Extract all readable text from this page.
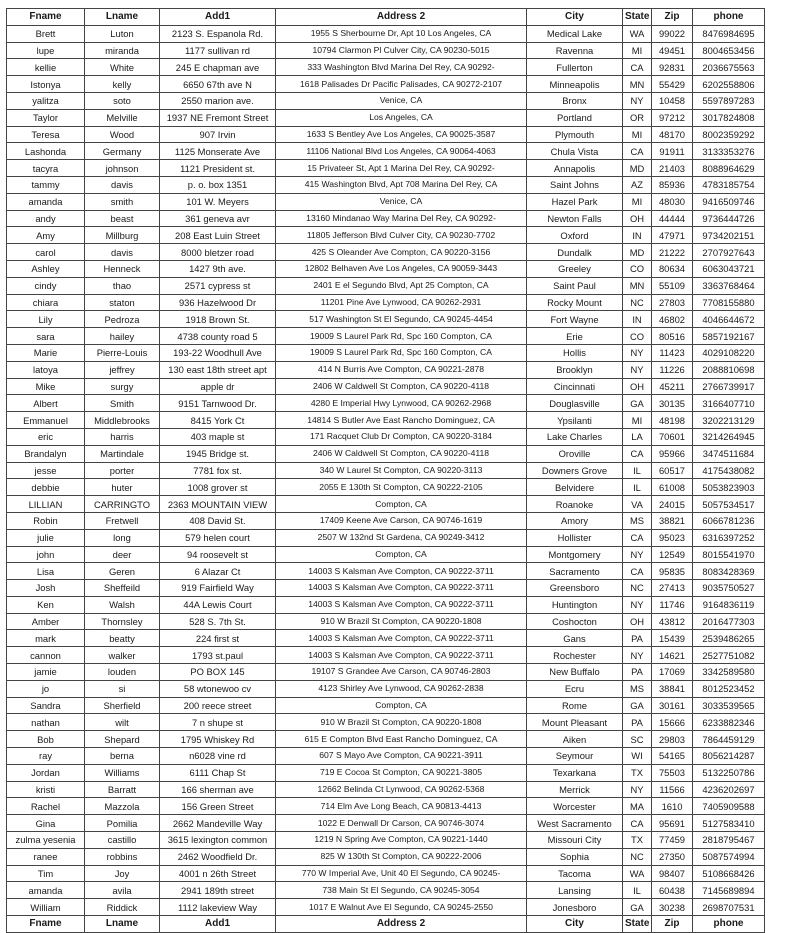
Fname	Lname	Add1	Address 2	City	State	Zip	phone
Brett	Luton	2123 S. Espanola Rd.	1955 S Sherbourne Dr, Apt 10 Los Angeles, CA	Medical Lake	WA	99022	8476984695
lupe	miranda	1177 sullivan rd	10794 Clarmon Pl Culver City, CA 90230-5015	Ravenna	MI	49451	8004653456
kellie	White	245 E chapman ave	333 Washington Blvd Marina Del Rey, CA 90292-	Fullerton	CA	92831	2036675563
Istonya	kelly	6650 67th ave N	1618 Palisades Dr Pacific Palisades, CA 90272-2107	Minneapolis	MN	55429	6202558806
yalitza	soto	2550 marion ave.	Venice, CA	Bronx	NY	10458	5597897283
Taylor	Melville	1937 NE Fremont Street	Los Angeles, CA	Portland	OR	97212	3017824808
Teresa	Wood	907 Irvin	1633 S Bentley Ave Los Angeles, CA 90025-3587	Plymouth	MI	48170	8002359292
Lashonda	Germany	1125 Monserate Ave	11106 National Blvd Los Angeles, CA 90064-4063	Chula Vista	CA	91911	3133353276
tacyra	johnson	1121 President st.	15 Privateer St, Apt 1 Marina Del Rey, CA 90292-	Annapolis	MD	21403	8088964629
tammy	davis	p. o. box 1351	415 Washington Blvd, Apt 708 Marina Del Rey, CA	Saint Johns	AZ	85936	4783185754
amanda	smith	101 W. Meyers	Venice, CA	Hazel Park	MI	48030	9416509746
andy	beast	361 geneva avr	13160 Mindanao Way Marina Del Rey, CA 90292-	Newton Falls	OH	44444	9736444726
Amy	Millburg	208 East Luin Street	11805 Jefferson Blvd Culver City, CA 90230-7702	Oxford	IN	47971	9734202151
carol	davis	8000 bletzer road	425 S Oleander Ave Compton, CA 90220-3156	Dundalk	MD	21222	2707927643
Ashley	Henneck	1427 9th ave.	12802 Belhaven Ave Los Angeles, CA 90059-3443	Greeley	CO	80634	6063043721
cindy	thao	2571 cypress st	2401 E el Segundo Blvd, Apt 25 Compton, CA	Saint Paul	MN	55109	3363768464
chiara	staton	936 Hazelwood Dr	11201 Pine Ave Lynwood, CA 90262-2931	Rocky Mount	NC	27803	7708155880
Lily	Pedroza	1918 Brown St.	517 Washington St El Segundo, CA 90245-4454	Fort Wayne	IN	46802	4046644672
sara	hailey	4738 county road 5	19009 S Laurel Park Rd, Spc 160 Compton, CA	Erie	CO	80516	5857192167
Marie	Pierre-Louis	193-22 Woodhull Ave	19009 S Laurel Park Rd, Spc 160 Compton, CA	Hollis	NY	11423	4029108220
latoya	jeffrey	130 east 18th street apt	414 N Burris Ave Compton, CA 90221-2878	Brooklyn	NY	11226	2088810698
Mike	surgy	apple dr	2406 W Caldwell St Compton, CA 90220-4118	Cincinnati	OH	45211	2766739917
Albert	Smith	9151 Tarnwood Dr.	4280 E Imperial Hwy Lynwood, CA 90262-2968	Douglasville	GA	30135	3166407710
Emmanuel	Middlebrooks	8415 York Ct	14814 S Butler Ave East Rancho Dominguez, CA	Ypsilanti	MI	48198	3202213129
eric	harris	403 maple st	171 Racquet Club Dr Compton, CA 90220-3184	Lake Charles	LA	70601	3214264945
Brandalyn	Martindale	1945 Bridge st.	2406 W Caldwell St Compton, CA 90220-4118	Oroville	CA	95966	3474511684
jesse	porter	7781 fox st.	340 W Laurel St Compton, CA 90220-3113	Downers Grove	IL	60517	4175438082
debbie	huter	1008 grover st	2055 E 130th St Compton, CA 90222-2105	Belvidere	IL	61008	5053823903
LILLIAN	CARRINGTO	2363 MOUNTAIN VIEW	Compton, CA	Roanoke	VA	24015	5057534517
Robin	Fretwell	408 David St.	17409 Keene Ave Carson, CA 90746-1619	Amory	MS	38821	6066781236
julie	long	579 helen court	2507 W 132nd St Gardena, CA 90249-3412	Hollister	CA	95023	6316397252
john	deer	94 roosevelt st	Compton, CA	Montgomery	NY	12549	8015541970
Lisa	Geren	6 Alazar Ct	14003 S Kalsman Ave Compton, CA 90222-3711	Sacramento	CA	95835	8083428369
Josh	Sheffeild	919 Fairfield Way	14003 S Kalsman Ave Compton, CA 90222-3711	Greensboro	NC	27413	9035750527
Ken	Walsh	44A Lewis Court	14003 S Kalsman Ave Compton, CA 90222-3711	Huntington	NY	11746	9164836119
Amber	Thornsley	528 S. 7th St.	910 W Brazil St Compton, CA 90220-1808	Coshocton	OH	43812	2016477303
mark	beatty	224 first st	14003 S Kalsman Ave Compton, CA 90222-3711	Gans	PA	15439	2539486265
cannon	walker	1793 st.paul	14003 S Kalsman Ave Compton, CA 90222-3711	Rochester	NY	14621	2527751082
jamie	louden	PO BOX 145	19107 S Grandee Ave Carson, CA 90746-2803	New Buffalo	PA	17069	3342589580
jo	si	58 wtonewoo cv	4123 Shirley Ave Lynwood, CA 90262-2838	Ecru	MS	38841	8012523452
Sandra	Sherfield	200 reece street	Compton, CA	Rome	GA	30161	3033539565
nathan	wilt	7 n shupe st	910 W Brazil St Compton, CA 90220-1808	Mount Pleasant	PA	15666	6233882346
Bob	Shepard	1795 Whiskey Rd	615 E Compton Blvd East Rancho Dominguez, CA	Aiken	SC	29803	7864459129
ray	berna	n6028 vine rd	607 S Mayo Ave Compton, CA 90221-3911	Seymour	WI	54165	8056214287
Jordan	Williams	6111 Chap St	719 E Cocoa St Compton, CA 90221-3805	Texarkana	TX	75503	5132250786
kristi	Barratt	166 sherman ave	12662 Belinda Ct Lynwood, CA 90262-5368	Merrick	NY	11566	4236202697
Rachel	Mazzola	156 Green Street	714 Elm Ave Long Beach, CA 90813-4413	Worcester	MA	1610	7405909588
Gina	Pomilia	2662 Mandeville Way	1022 E Denwall Dr Carson, CA 90746-3074	West Sacramento	CA	95691	5127583410
zulma yesenia	castillo	3615 lexington common	1219 N Spring Ave Compton, CA 90221-1440	Missouri City	TX	77459	2818795467
ranee	robbins	2462 Woodfield Dr.	825 W 130th St Compton, CA 90222-2006	Sophia	NC	27350	5087574994
Tim	Joy	4001 n 26th Street	770 W Imperial Ave, Unit 40 El Segundo, CA 90245-	Tacoma	WA	98407	5108668426
amanda	avila	2941 189th street	738 Main St El Segundo, CA 90245-3054	Lansing	IL	60438	7145689894
William	Riddick	1112 lakeview Way	1017 E Walnut Ave El Segundo, CA 90245-2550	Jonesboro	GA	30238	2698707531
Fname	Lname	Add1	Address 2	City	State	Zip	phone
